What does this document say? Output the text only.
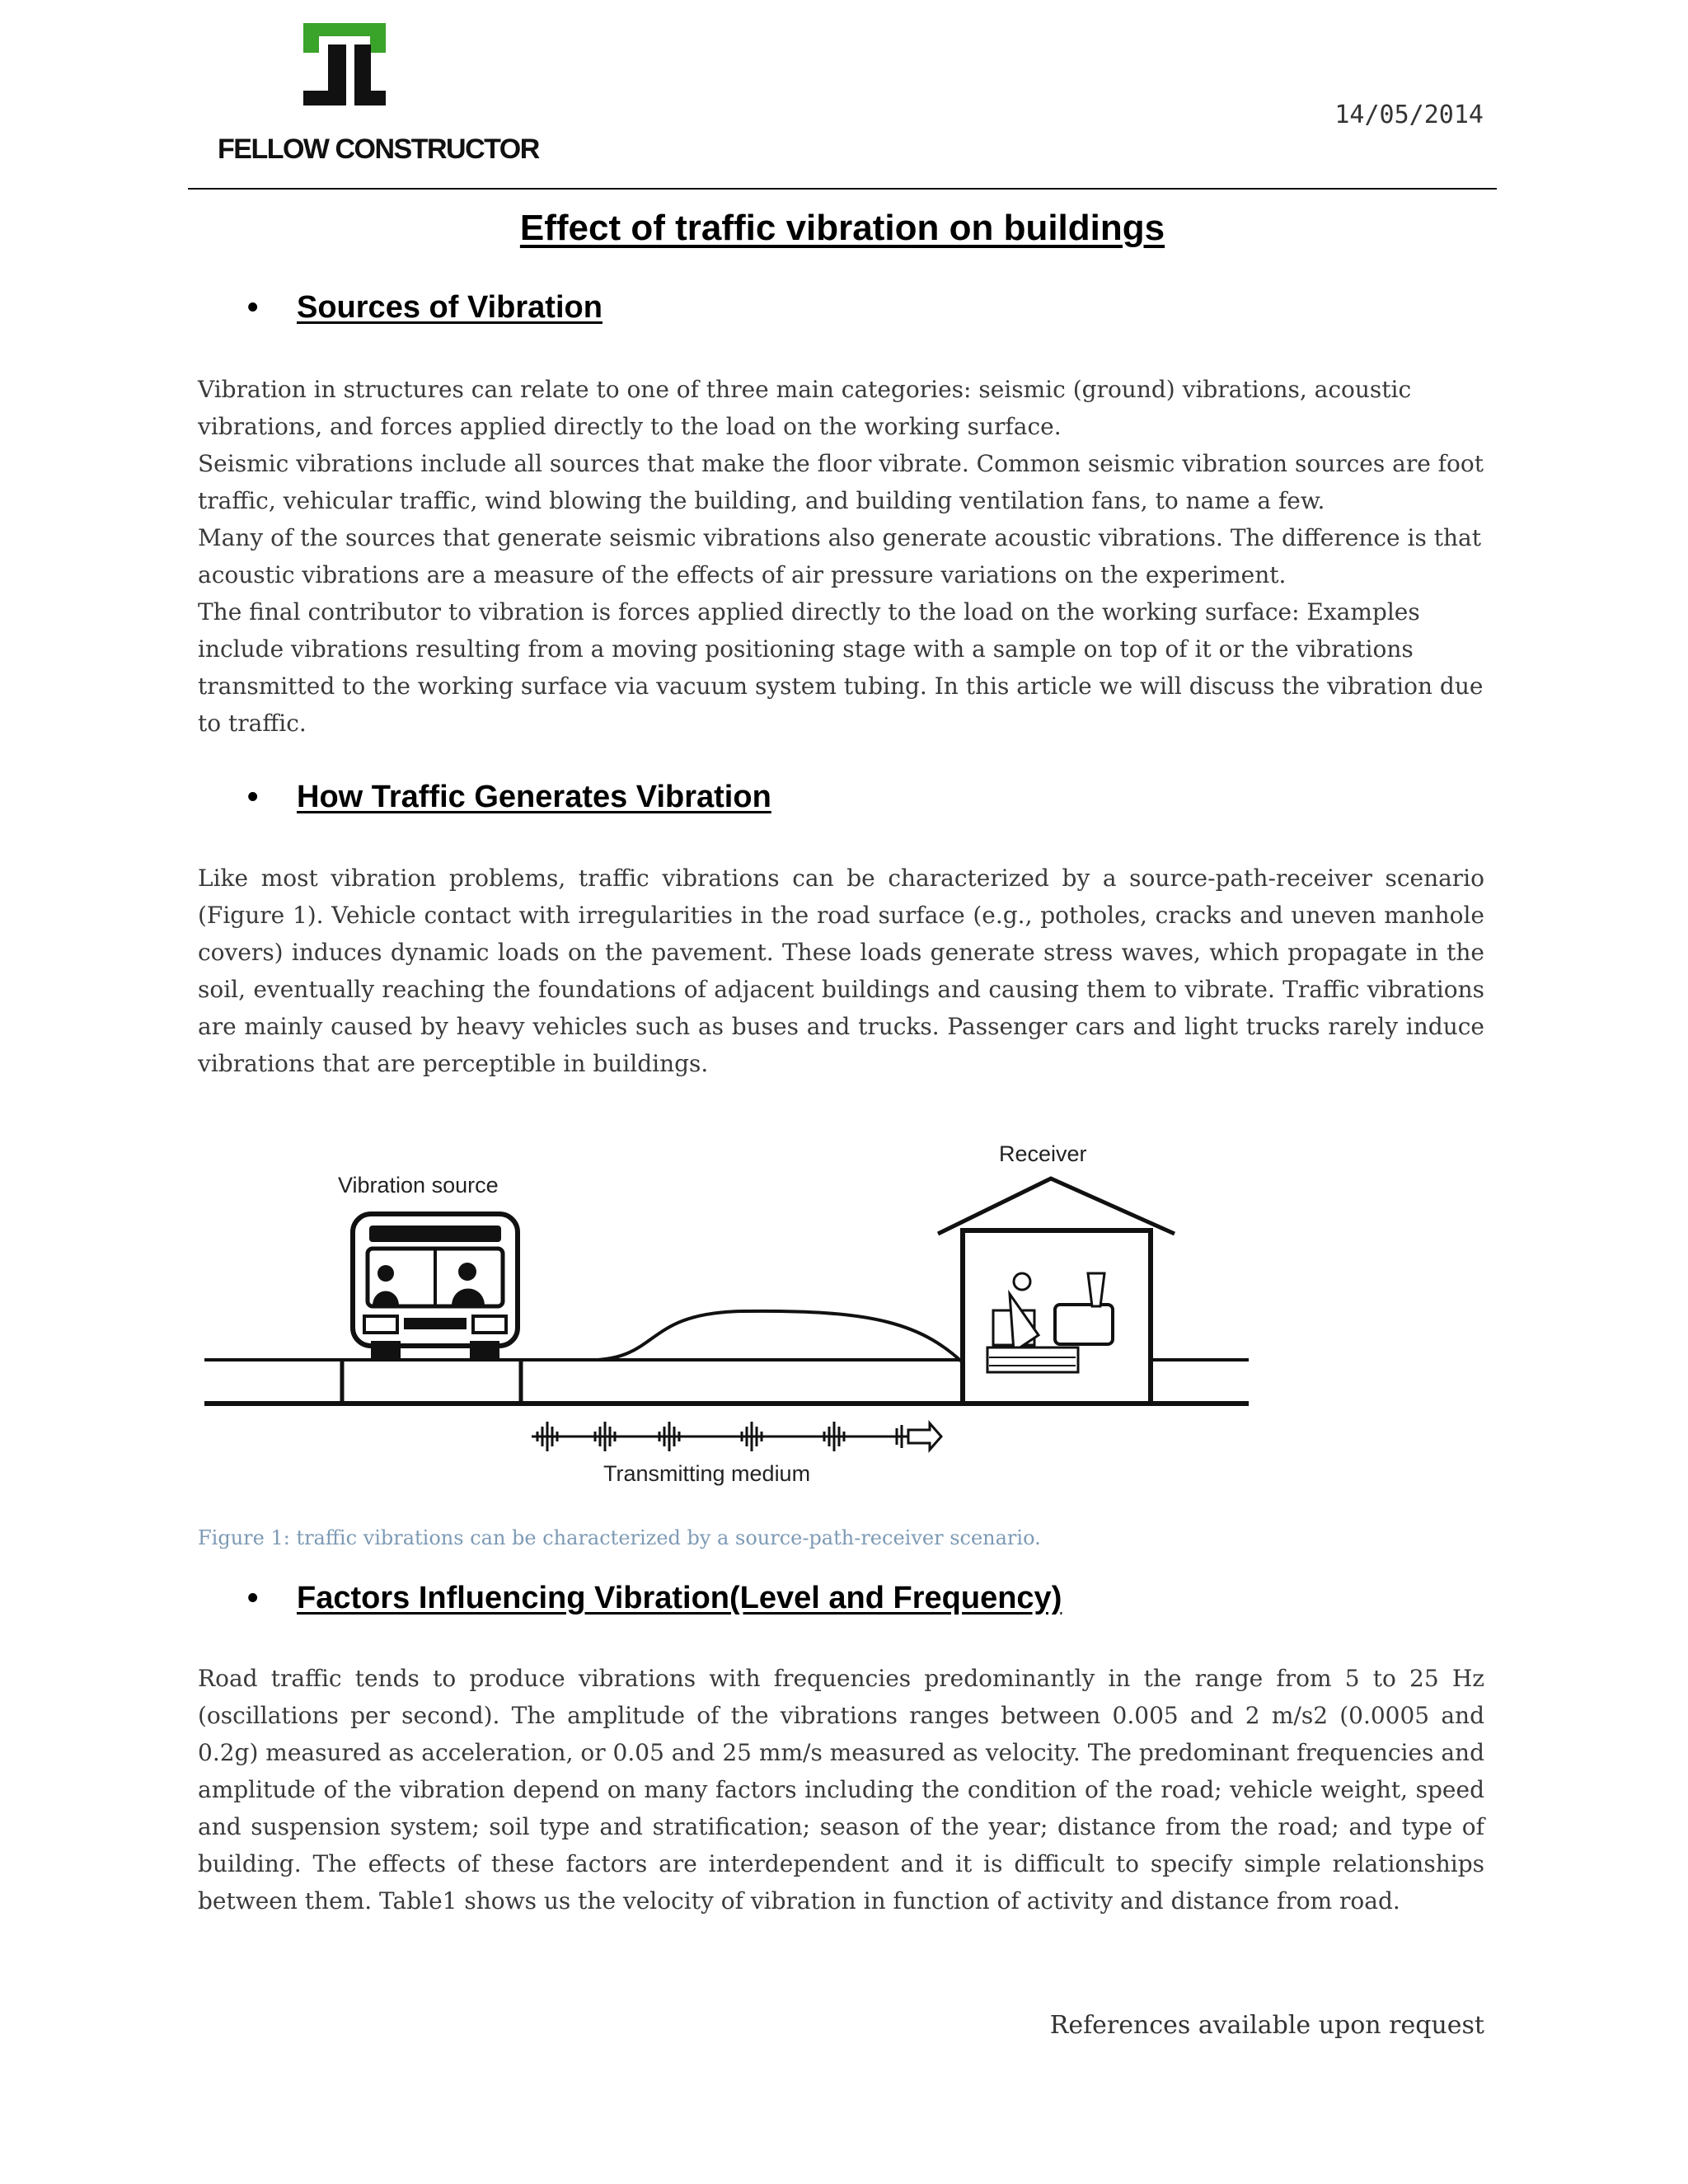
FELLOW CONSTRUCTOR
14/05/2014
Effect of traffic vibration on buildings
•	Sources of Vibration

Vibration in structures can relate to one of three main categories: seismic (ground) vibrations, acoustic vibrations, and forces applied directly to the load on the working surface.

Seismic vibrations include all sources that make the floor vibrate. Common seismic vibration sources are foot traffic, vehicular traffic, wind blowing the building, and building ventilation fans, to name a few.

Many of the sources that generate seismic vibrations also generate acoustic vibrations. The difference is that acoustic vibrations are a measure of the effects of air pressure variations on the experiment.

The final contributor to vibration is forces applied directly to the load on the working surface: Examples include vibrations resulting from a moving positioning stage with a sample on top of it or the vibrations transmitted to the working surface via vacuum system tubing. In this article we will discuss the vibration due to traffic.

•	How Traffic Generates Vibration

Like most vibration problems, traffic vibrations can be characterized by a source-path-receiver scenario (Figure 1). Vehicle contact with irregularities in the road surface (e.g., potholes, cracks and uneven manhole covers) induces dynamic loads on the pavement. These loads generate stress waves, which propagate in the soil, eventually reaching the foundations of adjacent buildings and causing them to vibrate. Traffic vibrations are mainly caused by heavy vehicles such as buses and trucks. Passenger cars and light trucks rarely induce vibrations that are perceptible in buildings.

Vibration source
Receiver
Transmitting medium
Figure 1: traffic vibrations can be characterized by a source-path-receiver scenario.
•	Factors Influencing Vibration(Level and Frequency)

Road traffic tends to produce vibrations with frequencies predominantly in the range from 5 to 25 Hz (oscillations per second). The amplitude of the vibrations ranges between 0.005 and 2 m/s2 (0.0005 and 0.2g) measured as acceleration, or 0.05 and 25 mm/s measured as velocity. The predominant frequencies and amplitude of the vibration depend on many factors including the condition of the road; vehicle weight, speed and suspension system; soil type and stratification; season of the year; distance from the road; and type of building. The effects of these factors are interdependent and it is difficult to specify simple relationships between them. Table1 shows us the velocity of vibration in function of activity and distance from road.

References available upon request
